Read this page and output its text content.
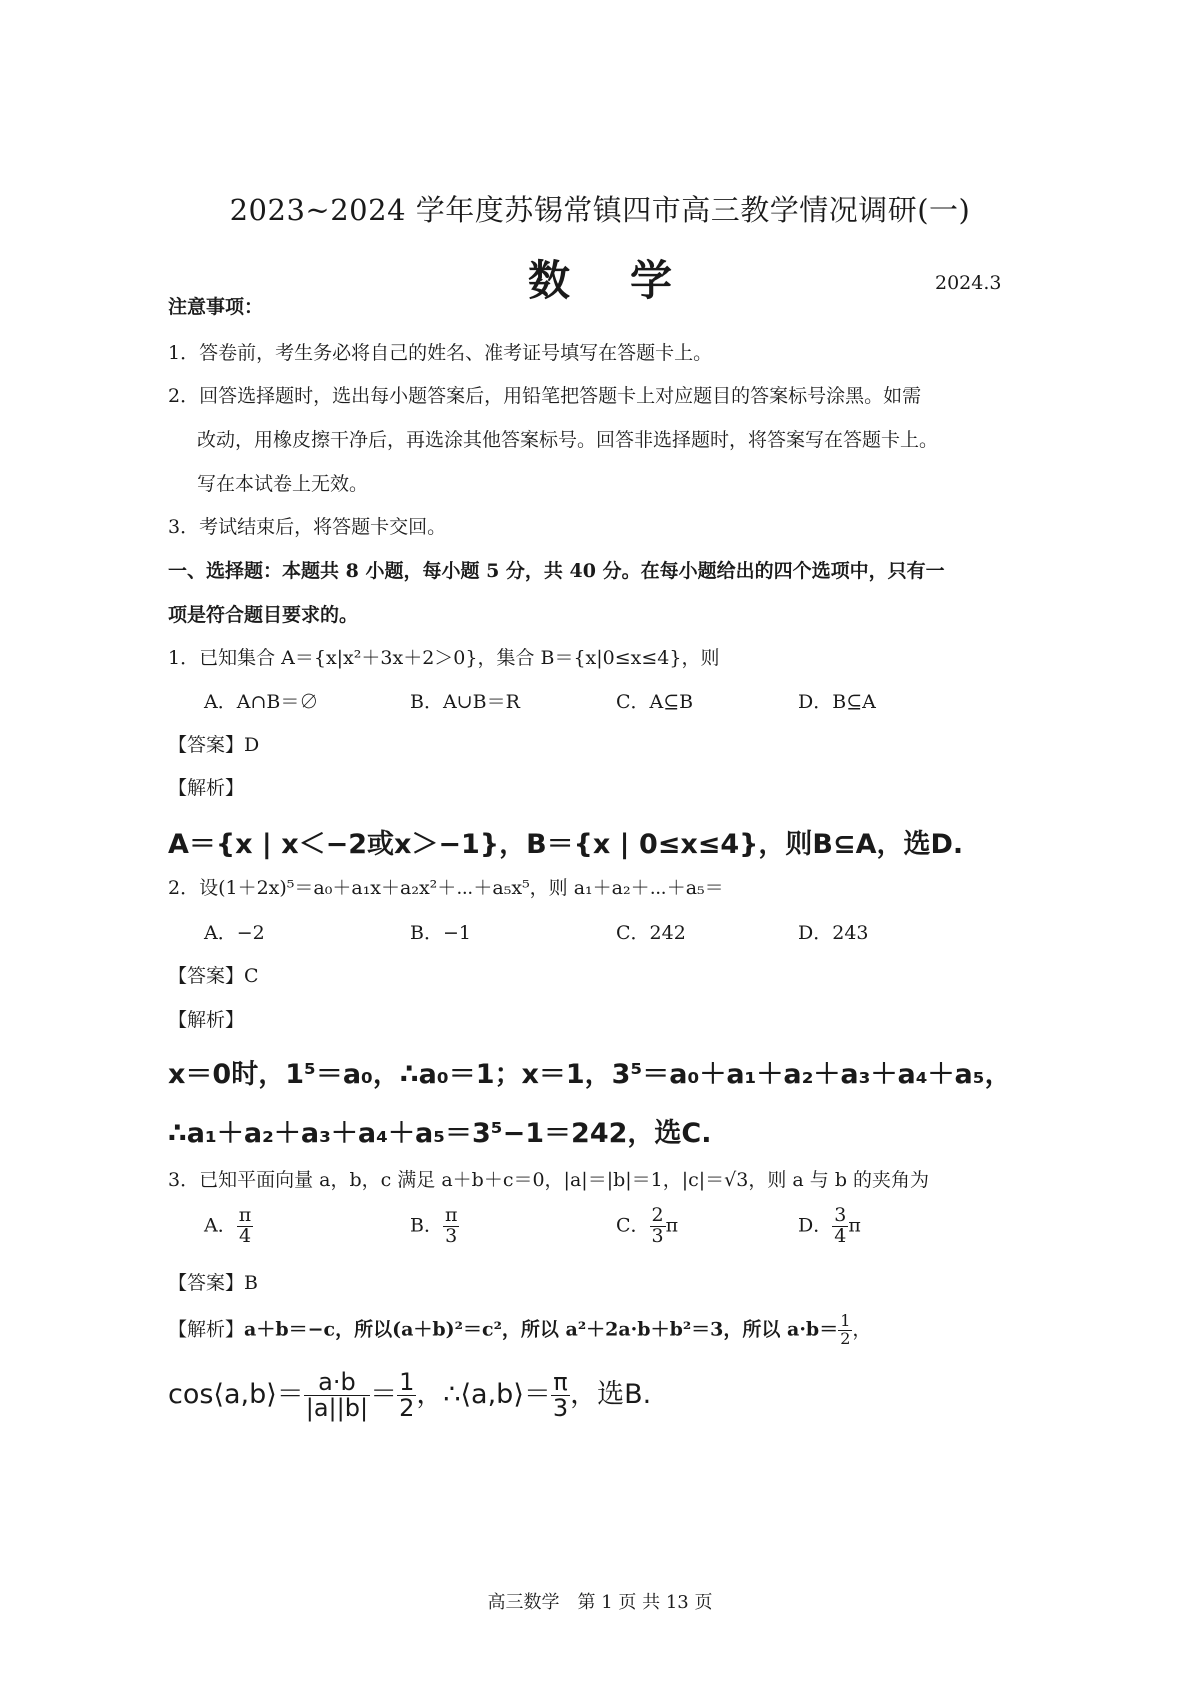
2023~2024 学年度苏锡常镇四市高三教学情况调研(一)
数学	2024.3
注意事项：
1．答卷前，考生务必将自己的姓名、准考证号填写在答题卡上。
2．回答选择题时，选出每小题答案后，用铅笔把答题卡上对应题目的答案标号涂黑。如需
改动，用橡皮擦干净后，再选涂其他答案标号。回答非选择题时，将答案写在答题卡上。
写在本试卷上无效。
3．考试结束后，将答题卡交回。
一、选择题：本题共 8 小题，每小题 5 分，共 40 分。在每小题给出的四个选项中，只有一
项是符合题目要求的。
1．已知集合 A＝{x|x²＋3x＋2＞0}，集合 B＝{x|0≤x≤4}，则
A．A∩B＝∅	B．A∪B＝R	C．A⊆B	D．B⊆A
【答案】D
【解析】
A＝{x | x＜−2或x＞−1}，B＝{x | 0≤x≤4}，则B⊆A，选D.
2．设(1＋2x)⁵＝a₀＋a₁x＋a₂x²＋⋯＋a₅x⁵，则 a₁＋a₂＋⋯＋a₅＝
A．−2	B．−1	C．242	D．243
【答案】C
【解析】
x＝0时，1⁵＝a₀，∴a₀＝1；x＝1，3⁵＝a₀＋a₁＋a₂＋a₃＋a₄＋a₅，
∴a₁＋a₂＋a₃＋a₄＋a₅＝3⁵−1＝242，选C.
3．已知平面向量 a，b，c 满足 a＋b＋c＝0，|a|＝|b|＝1，|c|＝√3，则 a 与 b 的夹角为
A． $\frac{\pi}{4}$	B． $\frac{\pi}{3}$	C． $\frac{2}{3}$ π	D． $\frac{3}{4}$ π
【答案】B
【解析】a＋b＝−c，所以(a＋b)²＝c²，所以 a²＋2a·b＋b²＝3，所以 $a\cdot b= \frac{1}{2}$ ，
cos⟨a,b⟩＝ $\frac{a\cdot b}{|a||b|} = \frac{1}{2}$ ，∴⟨a,b⟩＝ $\frac{\pi}{3}$ ，选B.
高三数学　第 1 页 共 13 页
